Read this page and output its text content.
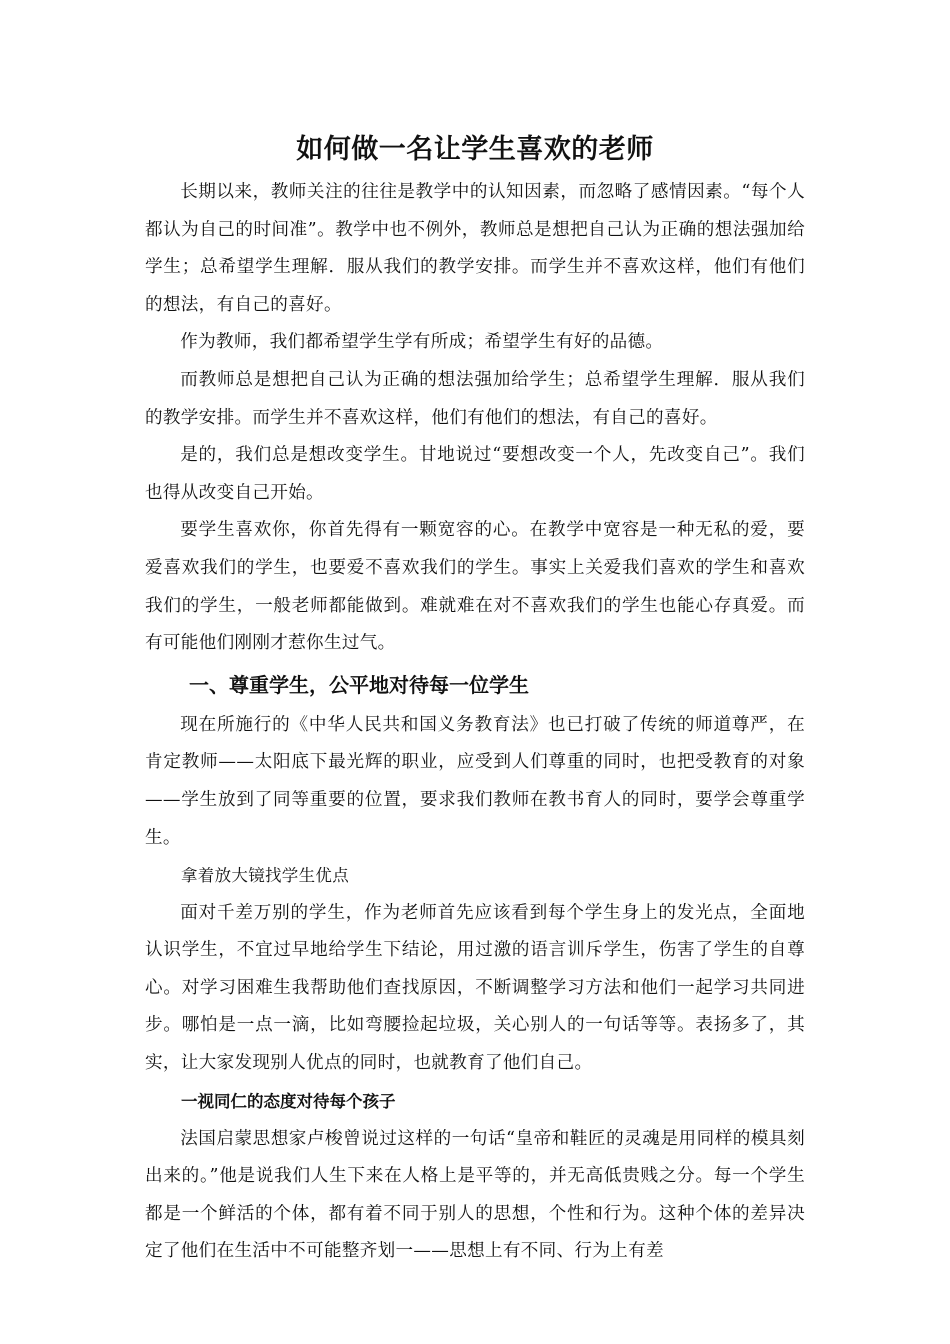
如何做一名让学生喜欢的老师

长期以来，教师关注的往往是教学中的认知因素，而忽略了感情因素。“每个人都认为自己的时间准”。教学中也不例外，教师总是想把自己认为正确的想法强加给学生；总希望学生理解．服从我们的教学安排。而学生并不喜欢这样，他们有他们的想法，有自己的喜好。

作为教师，我们都希望学生学有所成；希望学生有好的品德。

而教师总是想把自己认为正确的想法强加给学生；总希望学生理解．服从我们的教学安排。而学生并不喜欢这样，他们有他们的想法，有自己的喜好。

是的，我们总是想改变学生。甘地说过“要想改变一个人，先改变自己”。我们也得从改变自己开始。

要学生喜欢你，你首先得有一颗宽容的心。在教学中宽容是一种无私的爱，要爱喜欢我们的学生，也要爱不喜欢我们的学生。事实上关爱我们喜欢的学生和喜欢我们的学生，一般老师都能做到。难就难在对不喜欢我们的学生也能心存真爱。而有可能他们刚刚才惹你生过气。

一、尊重学生，公平地对待每一位学生

现在所施行的《中华人民共和国义务教育法》也已打破了传统的师道尊严，在肯定教师——太阳底下最光辉的职业，应受到人们尊重的同时，也把受教育的对象——学生放到了同等重要的位置，要求我们教师在教书育人的同时，要学会尊重学生。

拿着放大镜找学生优点

面对千差万别的学生，作为老师首先应该看到每个学生身上的发光点，全面地认识学生，不宜过早地给学生下结论，用过激的语言训斥学生，伤害了学生的自尊心。对学习困难生我帮助他们查找原因，不断调整学习方法和他们一起学习共同进步。哪怕是一点一滴，比如弯腰捡起垃圾，关心别人的一句话等等。表扬多了，其实，让大家发现别人优点的同时，也就教育了他们自己。

一视同仁的态度对待每个孩子

法国启蒙思想家卢梭曾说过这样的一句话“皇帝和鞋匠的灵魂是用同样的模具刻出来的。”他是说我们人生下来在人格上是平等的，并无高低贵贱之分。每一个学生都是一个鲜活的个体，都有着不同于别人的思想，个性和行为。这种个体的差异决定了他们在生活中不可能整齐划一——思想上有不同、行为上有差
